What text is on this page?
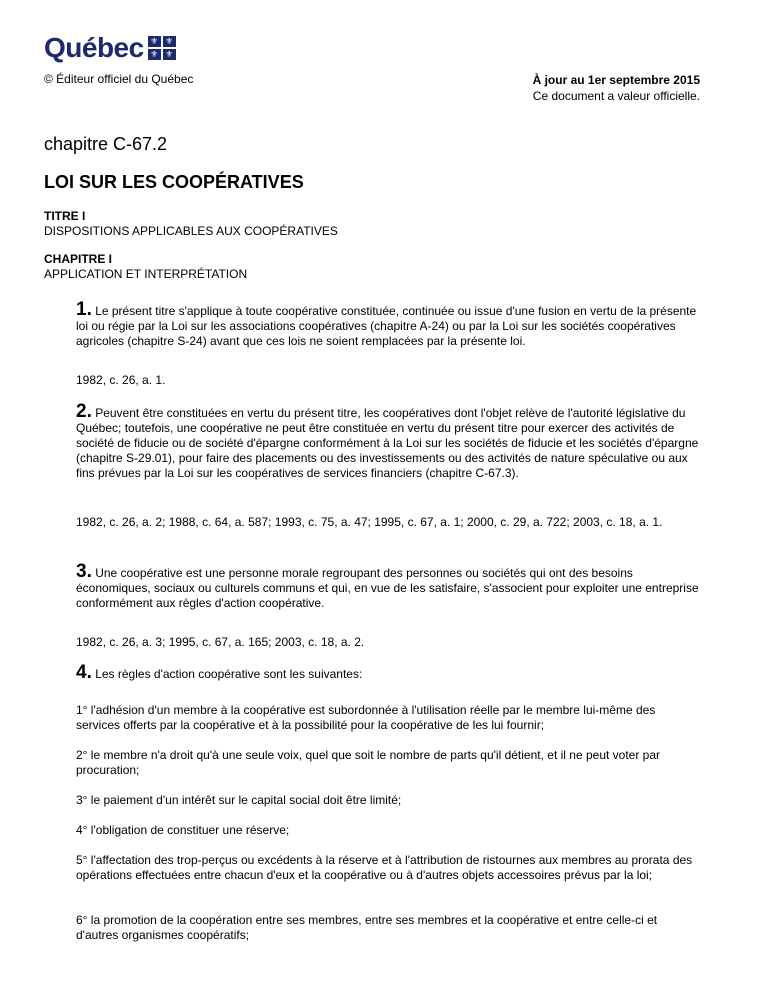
Québec ⚜ ⚜
⚜ ⚜
© Éditeur officiel du Québec	À jour au 1er septembre 2015
Ce document a valeur officielle.
chapitre C-67.2
LOI SUR LES COOPÉRATIVES
TITRE I
DISPOSITIONS APPLICABLES AUX COOPÉRATIVES
CHAPITRE I
APPLICATION ET INTERPRÉTATION
1. Le présent titre s'applique à toute coopérative constituée, continuée ou issue d'une fusion en vertu de la présente loi ou régie par la Loi sur les associations coopératives (chapitre A-24) ou par la Loi sur les sociétés coopératives agricoles (chapitre S-24) avant que ces lois ne soient remplacées par la présente loi.
1982, c. 26, a. 1.
2. Peuvent être constituées en vertu du présent titre, les coopératives dont l'objet relève de l'autorité législative du Québec; toutefois, une coopérative ne peut être constituée en vertu du présent titre pour exercer des activités de société de fiducie ou de société d'épargne conformément à la Loi sur les sociétés de fiducie et les sociétés d'épargne (chapitre S-29.01), pour faire des placements ou des investissements ou des activités de nature spéculative ou aux fins prévues par la Loi sur les coopératives de services financiers (chapitre C-67.3).
1982, c. 26, a. 2; 1988, c. 64, a. 587; 1993, c. 75, a. 47; 1995, c. 67, a. 1; 2000, c. 29, a. 722; 2003, c. 18, a. 1.
3. Une coopérative est une personne morale regroupant des personnes ou sociétés qui ont des besoins économiques, sociaux ou culturels communs et qui, en vue de les satisfaire, s'associent pour exploiter une entreprise conformément aux règles d'action coopérative.
1982, c. 26, a. 3; 1995, c. 67, a. 165; 2003, c. 18, a. 2.
4. Les règles d'action coopérative sont les suivantes:
1° l'adhésion d'un membre à la coopérative est subordonnée à l'utilisation réelle par le membre lui-même des services offerts par la coopérative et à la possibilité pour la coopérative de les lui fournir;
2° le membre n'a droit qu'à une seule voix, quel que soit le nombre de parts qu'il détient, et il ne peut voter par procuration;
3° le paiement d'un intérêt sur le capital social doit être limité;
4° l'obligation de constituer une réserve;
5° l'affectation des trop-perçus ou excédents à la réserve et à l'attribution de ristournes aux membres au prorata des opérations effectuées entre chacun d'eux et la coopérative ou à d'autres objets accessoires prévus par la loi;
6° la promotion de la coopération entre ses membres, entre ses membres et la coopérative et entre celle-ci et d'autres organismes coopératifs;
